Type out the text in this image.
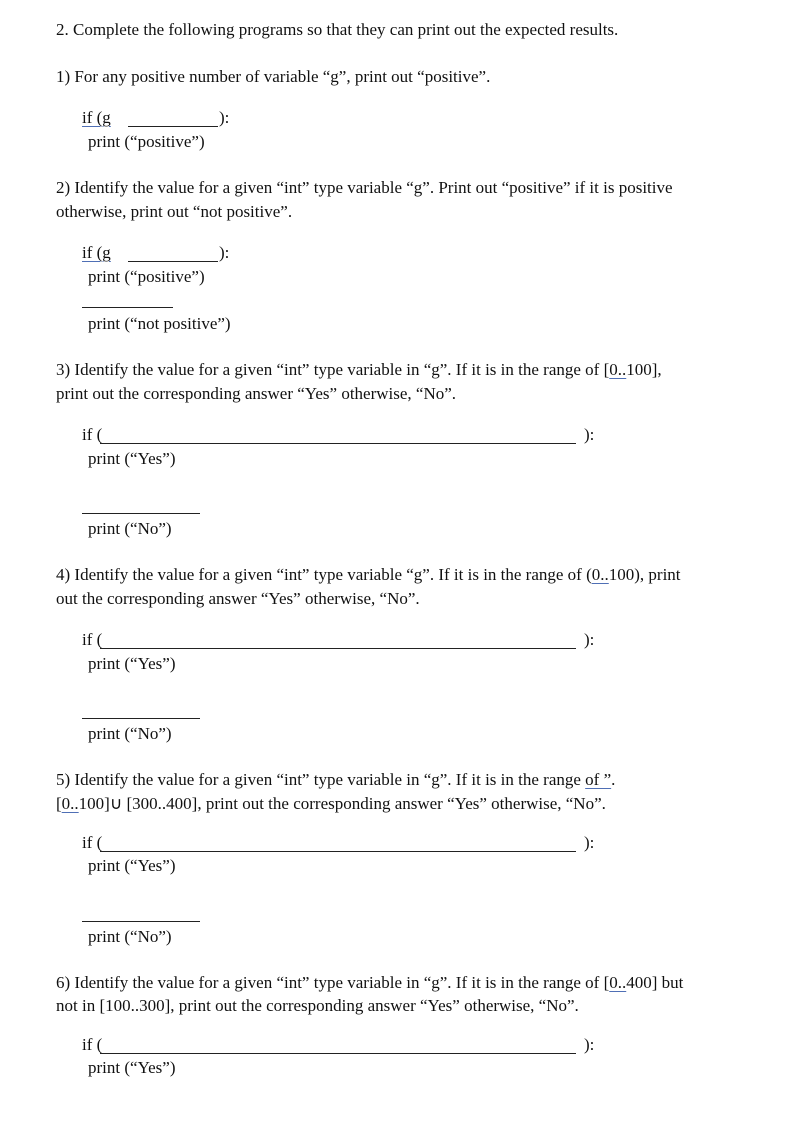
2. Complete the following programs so that they can print out the expected results.
1) For any positive number of variable “g”, print out “positive”.
if (g	):
print (“positive”)
2) Identify the value for a given “int” type variable “g”. Print out “positive” if it is positive
otherwise, print out “not positive”.
if (g	):
print (“positive”)
print (“not positive”)
3) Identify the value for a given “int” type variable in “g”. If it is in the range of [0..100],
print out the corresponding answer “Yes” otherwise, “No”.
if (	):
print (“Yes”)
print (“No”)
4) Identify the value for a given “int” type variable “g”. If it is in the range of (0..100), print
out the corresponding answer “Yes” otherwise, “No”.
if (	):
print (“Yes”)
print (“No”)
5) Identify the value for a given “int” type variable in “g”. If it is in the range of ”.
[0..100]∪ [300..400], print out the corresponding answer “Yes” otherwise, “No”.
if (	):
print (“Yes”)
print (“No”)
6) Identify the value for a given “int” type variable in “g”. If it is in the range of [0..400] but
not in [100..300], print out the corresponding answer “Yes” otherwise, “No”.
if (	):
print (“Yes”)
